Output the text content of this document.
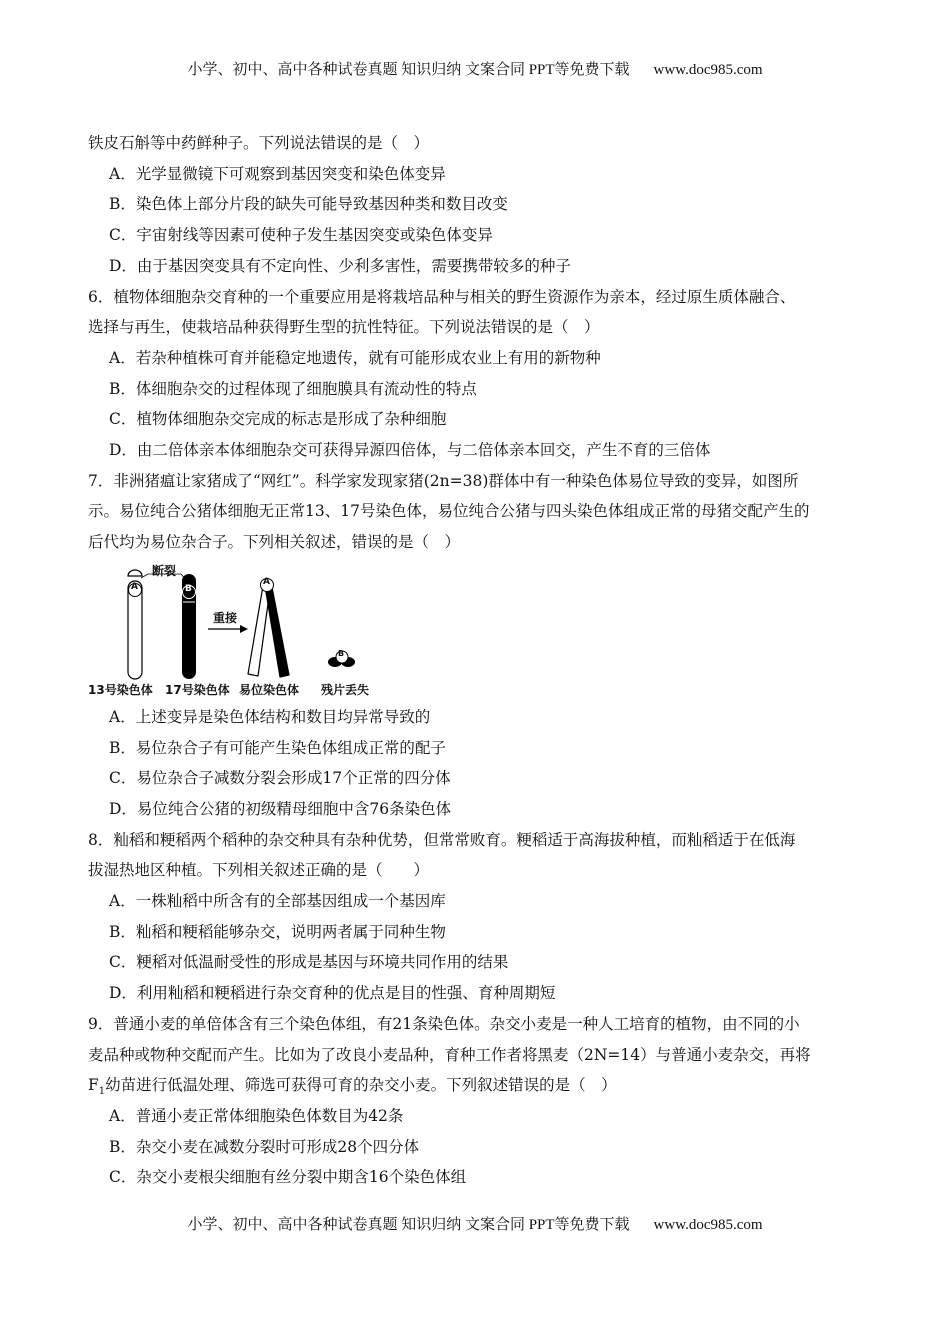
小学、初中、高中各种试卷真题 知识归纳 文案合同 PPT等免费下载 www.doc985.com
铁皮石斛等中药鲜种子。下列说法错误的是（　）
A．光学显微镜下可观察到基因突变和染色体变异
B．染色体上部分片段的缺失可能导致基因种类和数目改变
C．宇宙射线等因素可使种子发生基因突变或染色体变异
D．由于基因突变具有不定向性、少利多害性，需要携带较多的种子
6．植物体细胞杂交育种的一个重要应用是将栽培品种与相关的野生资源作为亲本，经过原生质体融合、
选择与再生，使栽培品种获得野生型的抗性特征。下列说法错误的是（　）
A．若杂种植株可育并能稳定地遗传，就有可能形成农业上有用的新物种
B．体细胞杂交的过程体现了细胞膜具有流动性的特点
C．植物体细胞杂交完成的标志是形成了杂种细胞
D．由二倍体亲本体细胞杂交可获得异源四倍体，与二倍体亲本回交，产生不育的三倍体
7．非洲猪瘟让家猪成了“网红”。科学家发现家猪(2n=38)群体中有一种染色体易位导致的变异，如图所
示。易位纯合公猪体细胞无正常13、17号染色体，易位纯合公猪与四头染色体组成正常的母猪交配产生的
后代均为易位杂合子。下列相关叙述，错误的是（　）
断裂
重接
A	B
A
B
13号染色体 17号染色体 易位染色体 残片丢失
A．上述变异是染色体结构和数目均异常导致的
B．易位杂合子有可能产生染色体组成正常的配子
C．易位杂合子减数分裂会形成17个正常的四分体
D．易位纯合公猪的初级精母细胞中含76条染色体
8．籼稻和粳稻两个稻种的杂交种具有杂种优势，但常常败育。粳稻适于高海拔种植，而籼稻适于在低海
拔湿热地区种植。下列相关叙述正确的是（　　）
A．一株籼稻中所含有的全部基因组成一个基因库
B．籼稻和粳稻能够杂交，说明两者属于同种生物
C．粳稻对低温耐受性的形成是基因与环境共同作用的结果
D．利用籼稻和粳稻进行杂交育种的优点是目的性强、育种周期短
9．普通小麦的单倍体含有三个染色体组，有21条染色体。杂交小麦是一种人工培育的植物，由不同的小
麦品种或物种交配而产生。比如为了改良小麦品种，育种工作者将黑麦（2N=14）与普通小麦杂交，再将
$F_1$幼苗进行低温处理、筛选可获得可育的杂交小麦。下列叙述错误的是（　）
A．普通小麦正常体细胞染色体数目为42条
B．杂交小麦在减数分裂时可形成28个四分体
C．杂交小麦根尖细胞有丝分裂中期含16个染色体组
小学、初中、高中各种试卷真题 知识归纳 文案合同 PPT等免费下载 www.doc985.com
